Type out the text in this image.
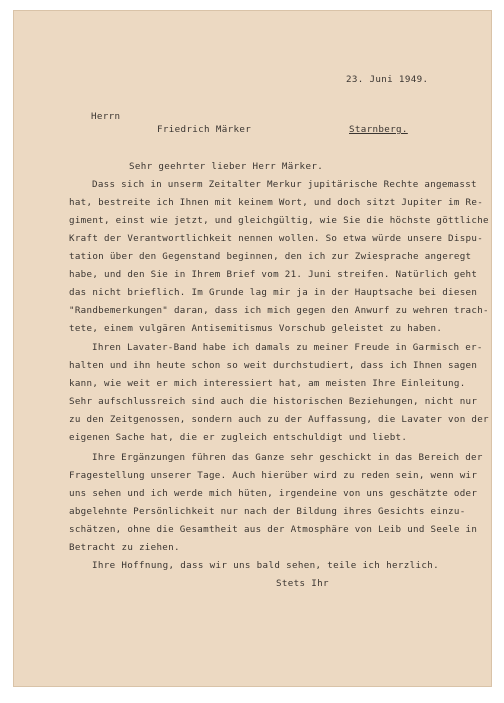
23. Juni 1949.
Herrn
Friedrich Märker	Starnberg.
Sehr geehrter lieber Herr Märker.
Dass sich in unserm Zeitalter Merkur jupitärische Rechte angemasst
hat, bestreite ich Ihnen mit keinem Wort, und doch sitzt Jupiter im Re-
giment, einst wie jetzt, und gleichgültig, wie Sie die höchste göttliche
Kraft der Verantwortlichkeit nennen wollen. So etwa würde unsere Dispu-
tation über den Gegenstand beginnen, den ich zur Zwiesprache angeregt
habe, und den Sie in Ihrem Brief vom 21. Juni streifen. Natürlich geht
das nicht brieflich. Im Grunde lag mir ja in der Hauptsache bei diesen
"Randbemerkungen" daran, dass ich mich gegen den Anwurf zu wehren trach-
tete, einem vulgären Antisemitismus Vorschub geleistet zu haben.
Ihren Lavater-Band habe ich damals zu meiner Freude in Garmisch er-
halten und ihn heute schon so weit durchstudiert, dass ich Ihnen sagen
kann, wie weit er mich interessiert hat, am meisten Ihre Einleitung.
Sehr aufschlussreich sind auch die historischen Beziehungen, nicht nur
zu den Zeitgenossen, sondern auch zu der Auffassung, die Lavater von der
eigenen Sache hat, die er zugleich entschuldigt und liebt.
Ihre Ergänzungen führen das Ganze sehr geschickt in das Bereich der
Fragestellung unserer Tage. Auch hierüber wird zu reden sein, wenn wir
uns sehen und ich werde mich hüten, irgendeine von uns geschätzte oder
abgelehnte Persönlichkeit nur nach der Bildung ihres Gesichts einzu-
schätzen, ohne die Gesamtheit aus der Atmosphäre von Leib und Seele in
Betracht zu ziehen.
Ihre Hoffnung, dass wir uns bald sehen, teile ich herzlich.
Stets Ihr
